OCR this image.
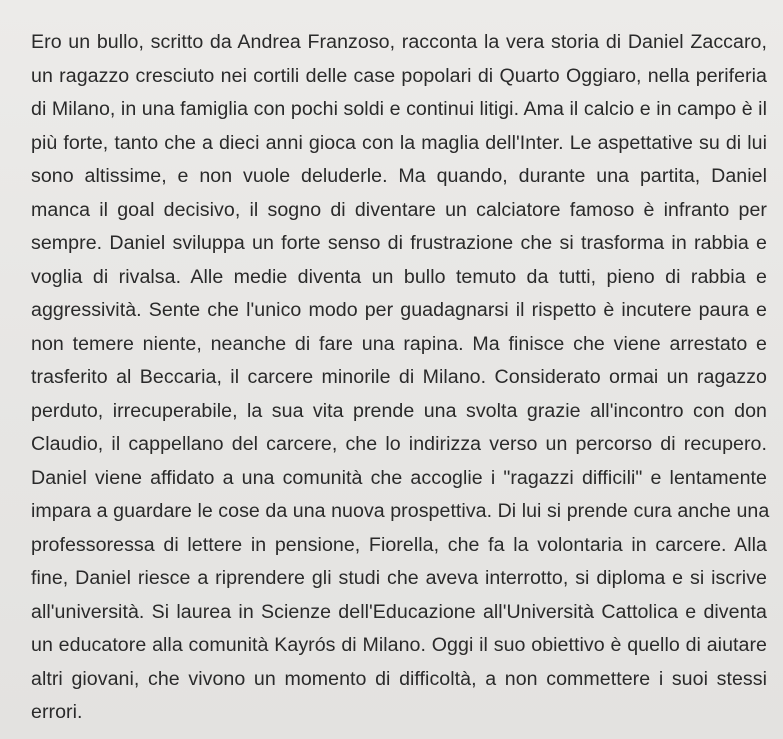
Ero un bullo, scritto da Andrea Franzoso, racconta la vera storia di Daniel Zaccaro,
un ragazzo cresciuto nei cortili delle case popolari di Quarto Oggiaro, nella periferia
di Milano, in una famiglia con pochi soldi e continui litigi. Ama il calcio e in campo è il
più forte, tanto che a dieci anni gioca con la maglia dell'Inter. Le aspettative su di lui
sono altissime, e non vuole deluderle. Ma quando, durante una partita, Daniel
manca il goal decisivo, il sogno di diventare un calciatore famoso è infranto per
sempre. Daniel sviluppa un forte senso di frustrazione che si trasforma in rabbia e
voglia di rivalsa. Alle medie diventa un bullo temuto da tutti, pieno di rabbia e
aggressività. Sente che l'unico modo per guadagnarsi il rispetto è incutere paura e
non temere niente, neanche di fare una rapina. Ma finisce che viene arrestato e
trasferito al Beccaria, il carcere minorile di Milano. Considerato ormai un ragazzo
perduto, irrecuperabile, la sua vita prende una svolta grazie all'incontro con don
Claudio, il cappellano del carcere, che lo indirizza verso un percorso di recupero.
Daniel viene affidato a una comunità che accoglie i "ragazzi difficili" e lentamente
impara a guardare le cose da una nuova prospettiva. Di lui si prende cura anche una
professoressa di lettere in pensione, Fiorella, che fa la volontaria in carcere. Alla
fine, Daniel riesce a riprendere gli studi che aveva interrotto, si diploma e si iscrive
all'università. Si laurea in Scienze dell'Educazione all'Università Cattolica e diventa
un educatore alla comunità Kayrós di Milano. Oggi il suo obiettivo è quello di aiutare
altri giovani, che vivono un momento di difficoltà, a non commettere i suoi stessi
errori.
